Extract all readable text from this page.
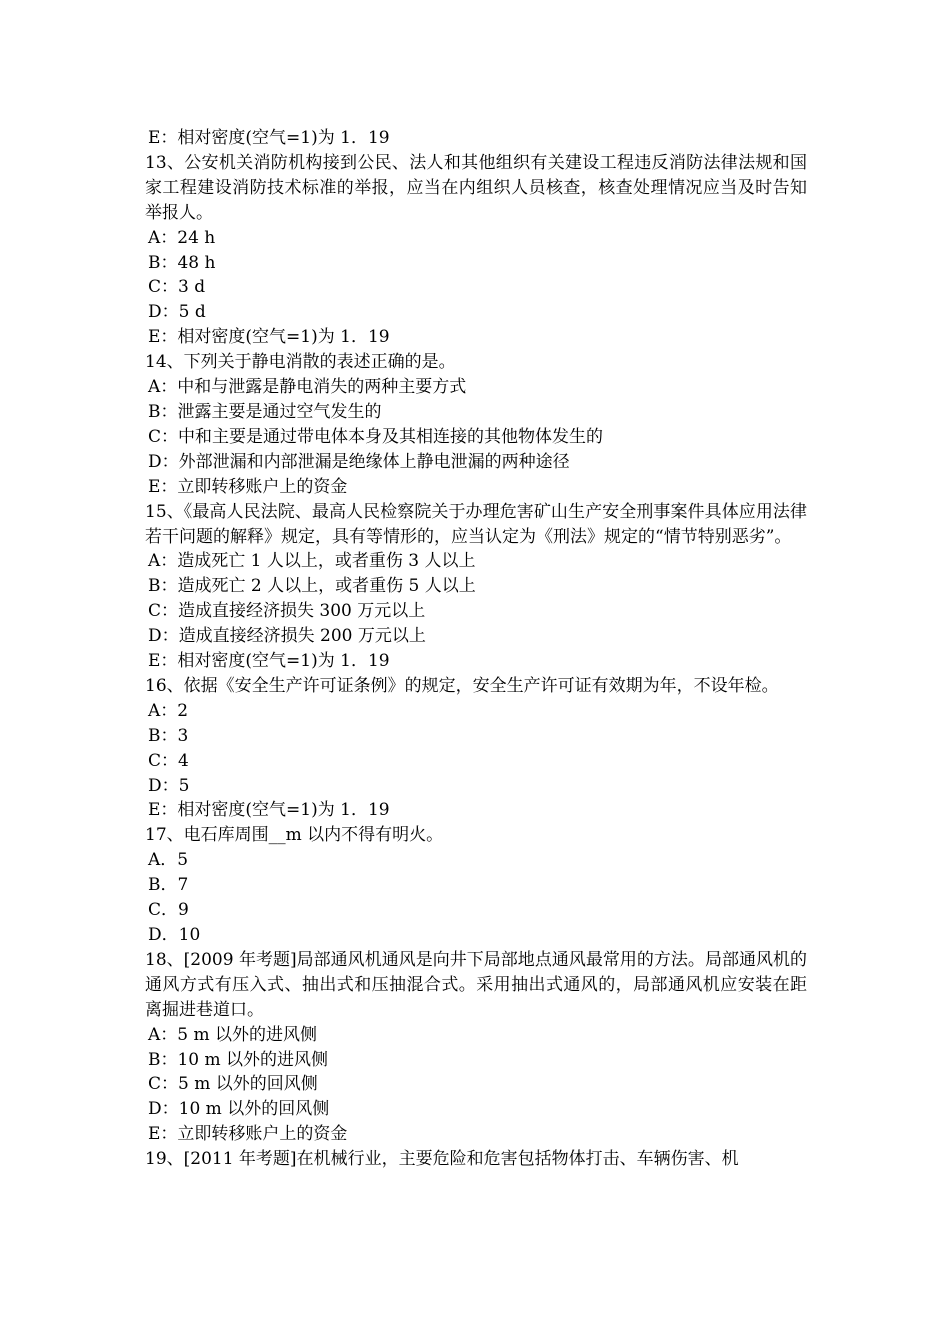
E：相对密度(空气=1)为 1．19

13、公安机关消防机构接到公民、法人和其他组织有关建设工程违反消防法律法规和国家工程建设消防技术标准的举报，应当在内组织人员核查，核查处理情况应当及时告知举报人。

A：24 h

B：48 h

C：3 d

D：5 d

E：相对密度(空气=1)为 1．19

14、下列关于静电消散的表述正确的是。

A：中和与泄露是静电消失的两种主要方式

B：泄露主要是通过空气发生的

C：中和主要是通过带电体本身及其相连接的其他物体发生的

D：外部泄漏和内部泄漏是绝缘体上静电泄漏的两种途径

E：立即转移账户上的资金

15、《最高人民法院、最高人民检察院关于办理危害矿山生产安全刑事案件具体应用法律若干问题的解释》规定，具有等情形的，应当认定为《刑法》规定的“情节特别恶劣”。

A：造成死亡 1 人以上，或者重伤 3 人以上

B：造成死亡 2 人以上，或者重伤 5 人以上

C：造成直接经济损失 300 万元以上

D：造成直接经济损失 200 万元以上

E：相对密度(空气=1)为 1．19

16、依据《安全生产许可证条例》的规定，安全生产许可证有效期为年，不设年检。

A：2

B：3

C：4

D：5

E：相对密度(空气=1)为 1．19

17、电石库周围__m 以内不得有明火。

A．5

B．7

C．9

D．10

18、[2009 年考题]局部通风机通风是向井下局部地点通风最常用的方法。局部通风机的通风方式有压入式、抽出式和压抽混合式。采用抽出式通风的，局部通风机应安装在距离掘进巷道口。

A：5 m 以外的进风侧

B：10 m 以外的进风侧

C：5 m 以外的回风侧

D：10 m 以外的回风侧

E：立即转移账户上的资金

19、[2011 年考题]在机械行业，主要危险和危害包括物体打击、车辆伤害、机
